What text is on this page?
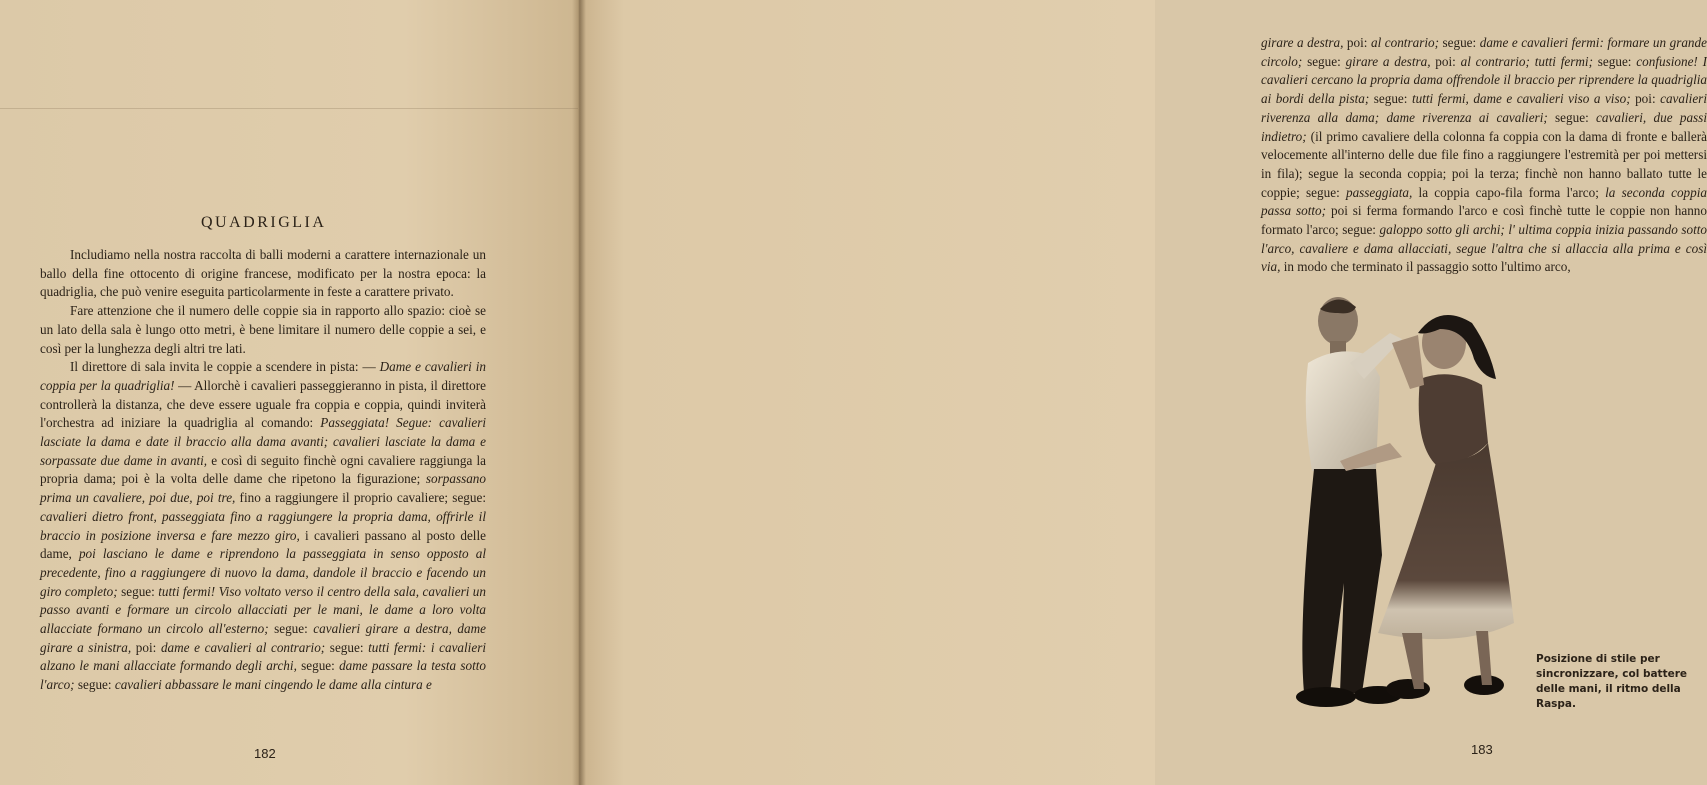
QUADRIGLIA

Includiamo nella nostra raccolta di balli moderni a carattere internazionale un ballo della fine ottocento di origine francese, modificato per la nostra epoca: la quadriglia, che può venire eseguita particolarmente in feste a carattere privato.

Fare attenzione che il numero delle coppie sia in rapporto allo spazio: cioè se un lato della sala è lungo otto metri, è bene limitare il numero delle coppie a sei, e così per la lunghezza degli altri tre lati.

Il direttore di sala invita le coppie a scendere in pista: — Dame e cavalieri in coppia per la quadriglia! — Allorchè i cavalieri passeggieranno in pista, il direttore controllerà la distanza, che deve essere uguale fra coppia e coppia, quindi inviterà l'orchestra ad iniziare la quadriglia al comando: Passeggiata! Segue: cavalieri lasciate la dama e date il braccio alla dama avanti; cavalieri lasciate la dama e sorpassate due dame in avanti, e così di seguito finchè ogni cavaliere raggiunga la propria dama; poi è la volta delle dame che ripetono la figurazione; sorpassano prima un cavaliere, poi due, poi tre, fino a raggiungere il proprio cavaliere; segue: cavalieri dietro front, passeggiata fino a raggiungere la propria dama, offrirle il braccio in posizione inversa e fare mezzo giro, i cavalieri passano al posto delle dame, poi lasciano le dame e riprendono la passeggiata in senso opposto al precedente, fino a raggiungere di nuovo la dama, dandole il braccio e facendo un giro completo; segue: tutti fermi! Viso voltato verso il centro della sala, cavalieri un passo avanti e formare un circolo allacciati per le mani, le dame a loro volta allacciate formano un circolo all'esterno; segue: cavalieri girare a destra, dame girare a sinistra, poi: dame e cavalieri al contrario; segue: tutti fermi: i cavalieri alzano le mani allacciate formando degli archi, segue: dame passare la testa sotto l'arco; segue: cavalieri abbassare le mani cingendo le dame alla cintura e

182

girare a destra, poi: al contrario; segue: dame e cavalieri fermi: formare un grande circolo; segue: girare a destra, poi: al contrario; tutti fermi; segue: confusione! I cavalieri cercano la propria dama offrendole il braccio per riprendere la quadriglia ai bordi della pista; segue: tutti fermi, dame e cavalieri viso a viso; poi: cavalieri riverenza alla dama; dame riverenza ai cavalieri; segue: cavalieri, due passi indietro; (il primo cavaliere della colonna fa coppia con la dama di fronte e ballerà velocemente all'interno delle due file fino a raggiungere l'estremità per poi mettersi in fila); segue la seconda coppia; poi la terza; finchè non hanno ballato tutte le coppie; segue: passeggiata, la coppia capo-fila forma l'arco; la seconda coppia passa sotto; poi si ferma formando l'arco e così finchè tutte le coppie non hanno formato l'arco; segue: galoppo sotto gli archi; l' ultima coppia inizia passando sotto l'arco, cavaliere e dama allacciati, segue l'altra che si allaccia alla prima e così via, in modo che terminato il passaggio sotto l'ultimo arco,

Posizione di stile per sincronizzare, col battere delle mani, il ritmo della Raspa.
183
